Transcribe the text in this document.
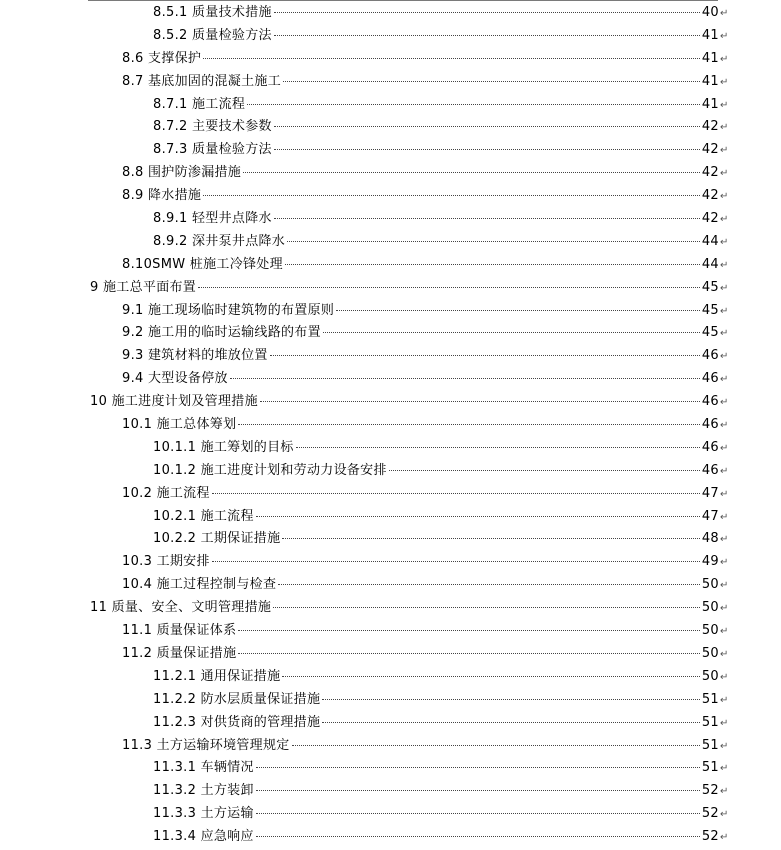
8.5.1 质量技术措施	40 ↵
8.5.2 质量检验方法	41 ↵
8.6 支撑保护	41 ↵
8.7 基底加固的混凝土施工	41 ↵
8.7.1 施工流程	41 ↵
8.7.2 主要技术参数	42 ↵
8.7.3 质量检验方法	42 ↵
8.8 围护防渗漏措施	42 ↵
8.9 降水措施	42 ↵
8.9.1 轻型井点降水	42 ↵
8.9.2 深井泵井点降水	44 ↵
8.10SMW 桩施工冷锋处理	44 ↵
9 施工总平面布置	45 ↵
9.1 施工现场临时建筑物的布置原则	45 ↵
9.2 施工用的临时运输线路的布置	45 ↵
9.3 建筑材料的堆放位置	46 ↵
9.4 大型设备停放	46 ↵
10 施工进度计划及管理措施	46 ↵
10.1 施工总体筹划	46 ↵
10.1.1 施工筹划的目标	46 ↵
10.1.2 施工进度计划和劳动力设备安排	46 ↵
10.2 施工流程	47 ↵
10.2.1 施工流程	47 ↵
10.2.2 工期保证措施	48 ↵
10.3 工期安排	49 ↵
10.4 施工过程控制与检查	50 ↵
11 质量、安全、文明管理措施	50 ↵
11.1 质量保证体系	50 ↵
11.2 质量保证措施	50 ↵
11.2.1 通用保证措施	50 ↵
11.2.2 防水层质量保证措施	51 ↵
11.2.3 对供货商的管理措施	51 ↵
11.3 土方运输环境管理规定	51 ↵
11.3.1 车辆情况	51 ↵
11.3.2 土方装卸	52 ↵
11.3.3 土方运输	52 ↵
11.3.4 应急响应	52 ↵
